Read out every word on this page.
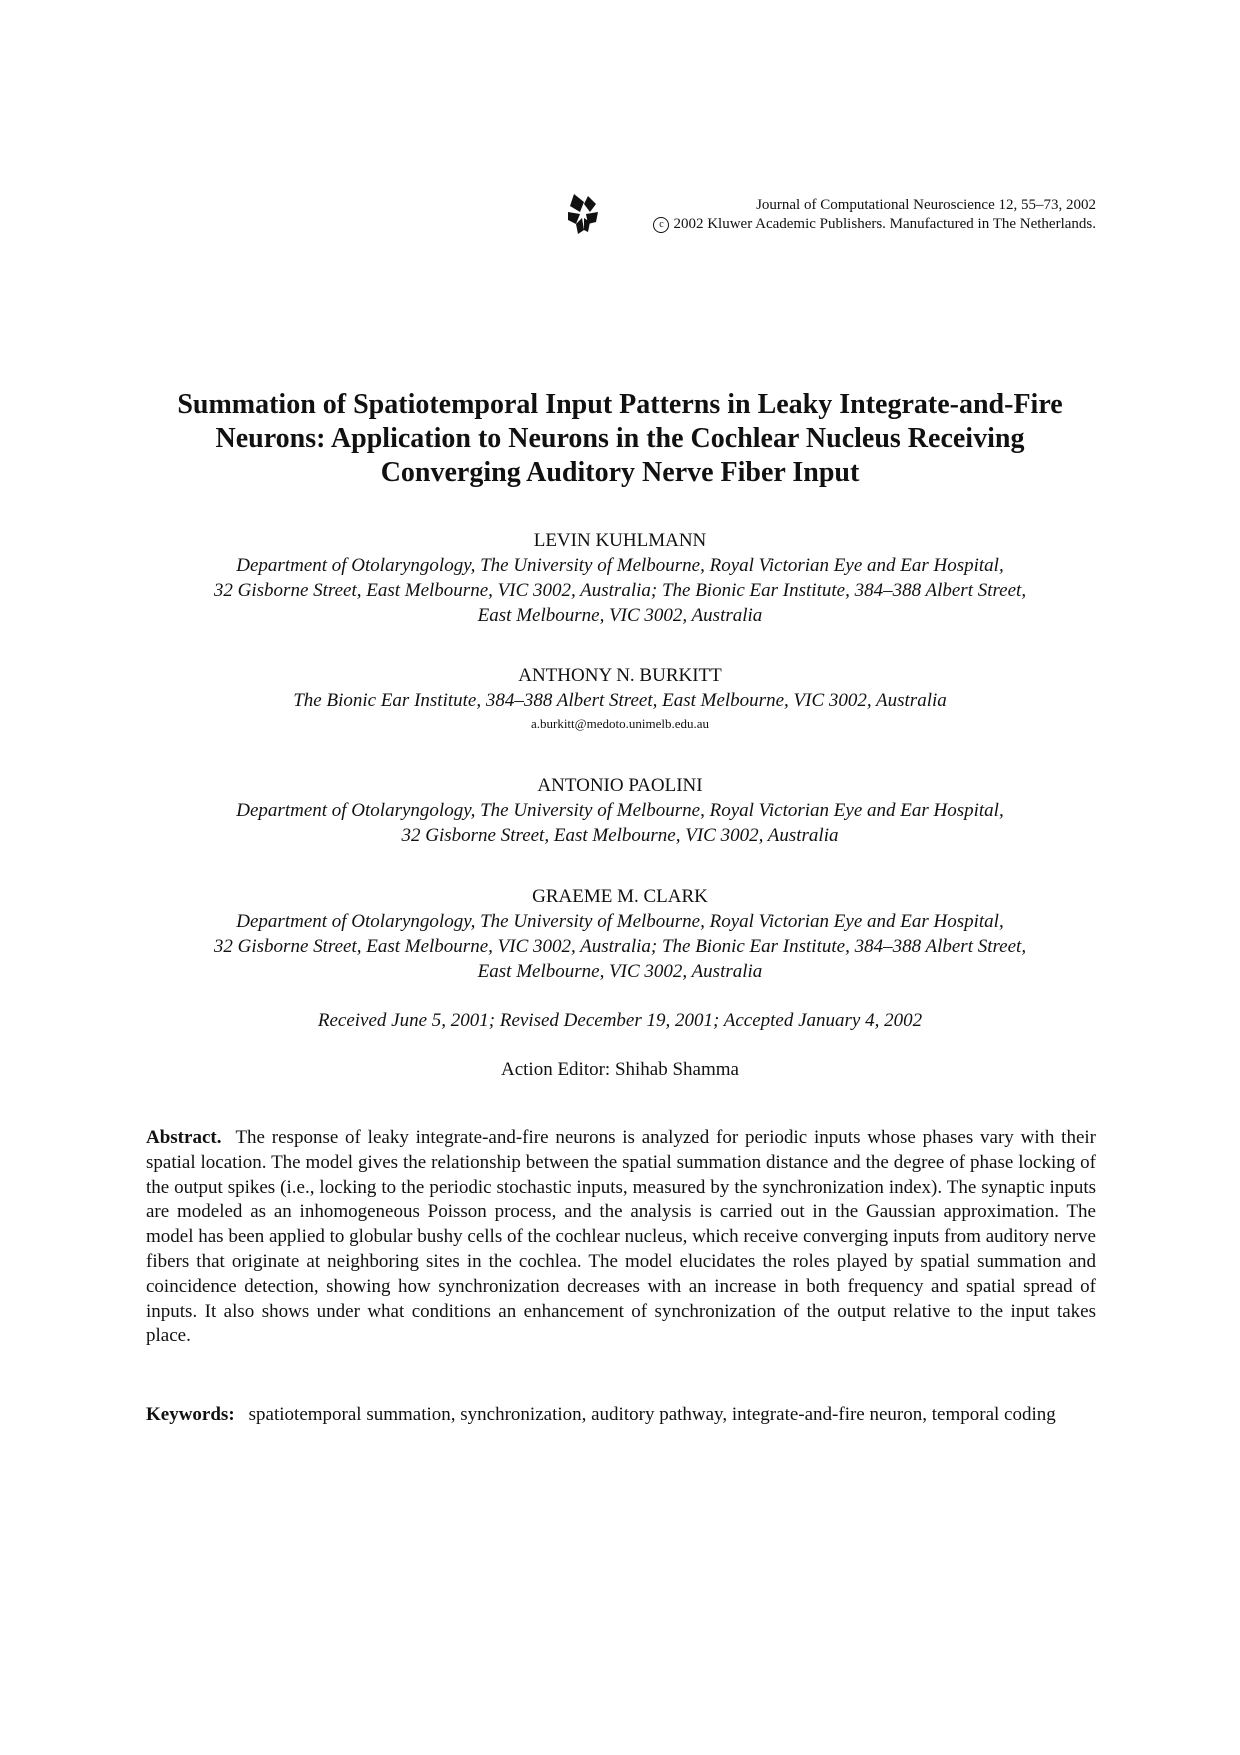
Journal of Computational Neuroscience 12, 55–73, 2002
c 2002 Kluwer Academic Publishers. Manufactured in The Netherlands.
Summation of Spatiotemporal Input Patterns in Leaky Integrate-and-Fire
Neurons: Application to Neurons in the Cochlear Nucleus Receiving
Converging Auditory Nerve Fiber Input
LEVIN KUHLMANN
Department of Otolaryngology, The University of Melbourne, Royal Victorian Eye and Ear Hospital,
32 Gisborne Street, East Melbourne, VIC 3002, Australia; The Bionic Ear Institute, 384–388 Albert Street,
East Melbourne, VIC 3002, Australia
ANTHONY N. BURKITT
The Bionic Ear Institute, 384–388 Albert Street, East Melbourne, VIC 3002, Australia
a.burkitt@medoto.unimelb.edu.au
ANTONIO PAOLINI
Department of Otolaryngology, The University of Melbourne, Royal Victorian Eye and Ear Hospital,
32 Gisborne Street, East Melbourne, VIC 3002, Australia
GRAEME M. CLARK
Department of Otolaryngology, The University of Melbourne, Royal Victorian Eye and Ear Hospital,
32 Gisborne Street, East Melbourne, VIC 3002, Australia; The Bionic Ear Institute, 384–388 Albert Street,
East Melbourne, VIC 3002, Australia
Received June 5, 2001; Revised December 19, 2001; Accepted January 4, 2002
Action Editor: Shihab Shamma
Abstract. The response of leaky integrate-and-fire neurons is analyzed for periodic inputs whose phases vary with their spatial location. The model gives the relationship between the spatial summation distance and the degree of phase locking of the output spikes (i.e., locking to the periodic stochastic inputs, measured by the synchronization index). The synaptic inputs are modeled as an inhomogeneous Poisson process, and the analysis is carried out in the Gaussian approximation. The model has been applied to globular bushy cells of the cochlear nucleus, which receive converging inputs from auditory nerve fibers that originate at neighboring sites in the cochlea. The model elucidates the roles played by spatial summation and coincidence detection, showing how synchronization decreases with an increase in both frequency and spatial spread of inputs. It also shows under what conditions an enhancement of synchronization of the output relative to the input takes place.
Keywords: spatiotemporal summation, synchronization, auditory pathway, integrate-and-fire neuron, temporal coding
